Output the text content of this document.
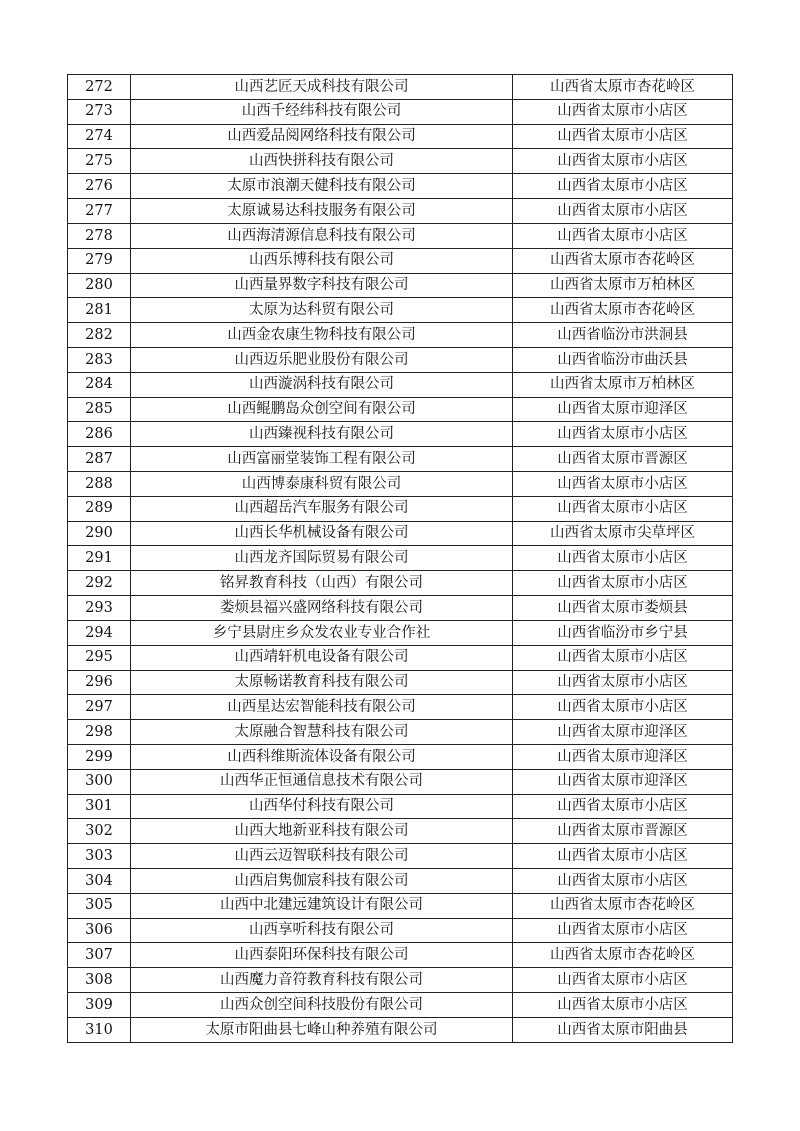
272	山西艺匠天成科技有限公司	山西省太原市杏花岭区
273	山西千经纬科技有限公司	山西省太原市小店区
274	山西爱品阅网络科技有限公司	山西省太原市小店区
275	山西快拼科技有限公司	山西省太原市小店区
276	太原市浪潮天健科技有限公司	山西省太原市小店区
277	太原诚易达科技服务有限公司	山西省太原市小店区
278	山西海清源信息科技有限公司	山西省太原市小店区
279	山西乐博科技有限公司	山西省太原市杏花岭区
280	山西量界数字科技有限公司	山西省太原市万柏林区
281	太原为达科贸有限公司	山西省太原市杏花岭区
282	山西金农康生物科技有限公司	山西省临汾市洪洞县
283	山西迈乐肥业股份有限公司	山西省临汾市曲沃县
284	山西漩涡科技有限公司	山西省太原市万柏林区
285	山西鲲鹏岛众创空间有限公司	山西省太原市迎泽区
286	山西臻视科技有限公司	山西省太原市小店区
287	山西富丽堂装饰工程有限公司	山西省太原市晋源区
288	山西博泰康科贸有限公司	山西省太原市小店区
289	山西超岳汽车服务有限公司	山西省太原市小店区
290	山西长华机械设备有限公司	山西省太原市尖草坪区
291	山西龙齐国际贸易有限公司	山西省太原市小店区
292	铭昇教育科技（山西）有限公司	山西省太原市小店区
293	娄烦县福兴盛网络科技有限公司	山西省太原市娄烦县
294	乡宁县尉庄乡众发农业专业合作社	山西省临汾市乡宁县
295	山西靖轩机电设备有限公司	山西省太原市小店区
296	太原畅诺教育科技有限公司	山西省太原市小店区
297	山西星达宏智能科技有限公司	山西省太原市小店区
298	太原融合智慧科技有限公司	山西省太原市迎泽区
299	山西科维斯流体设备有限公司	山西省太原市迎泽区
300	山西华正恒通信息技术有限公司	山西省太原市迎泽区
301	山西华付科技有限公司	山西省太原市小店区
302	山西大地新亚科技有限公司	山西省太原市晋源区
303	山西云迈智联科技有限公司	山西省太原市小店区
304	山西启隽伽宸科技有限公司	山西省太原市小店区
305	山西中北建远建筑设计有限公司	山西省太原市杏花岭区
306	山西享听科技有限公司	山西省太原市小店区
307	山西泰阳环保科技有限公司	山西省太原市杏花岭区
308	山西魔力音符教育科技有限公司	山西省太原市小店区
309	山西众创空间科技股份有限公司	山西省太原市小店区
310	太原市阳曲县七峰山种养殖有限公司	山西省太原市阳曲县
